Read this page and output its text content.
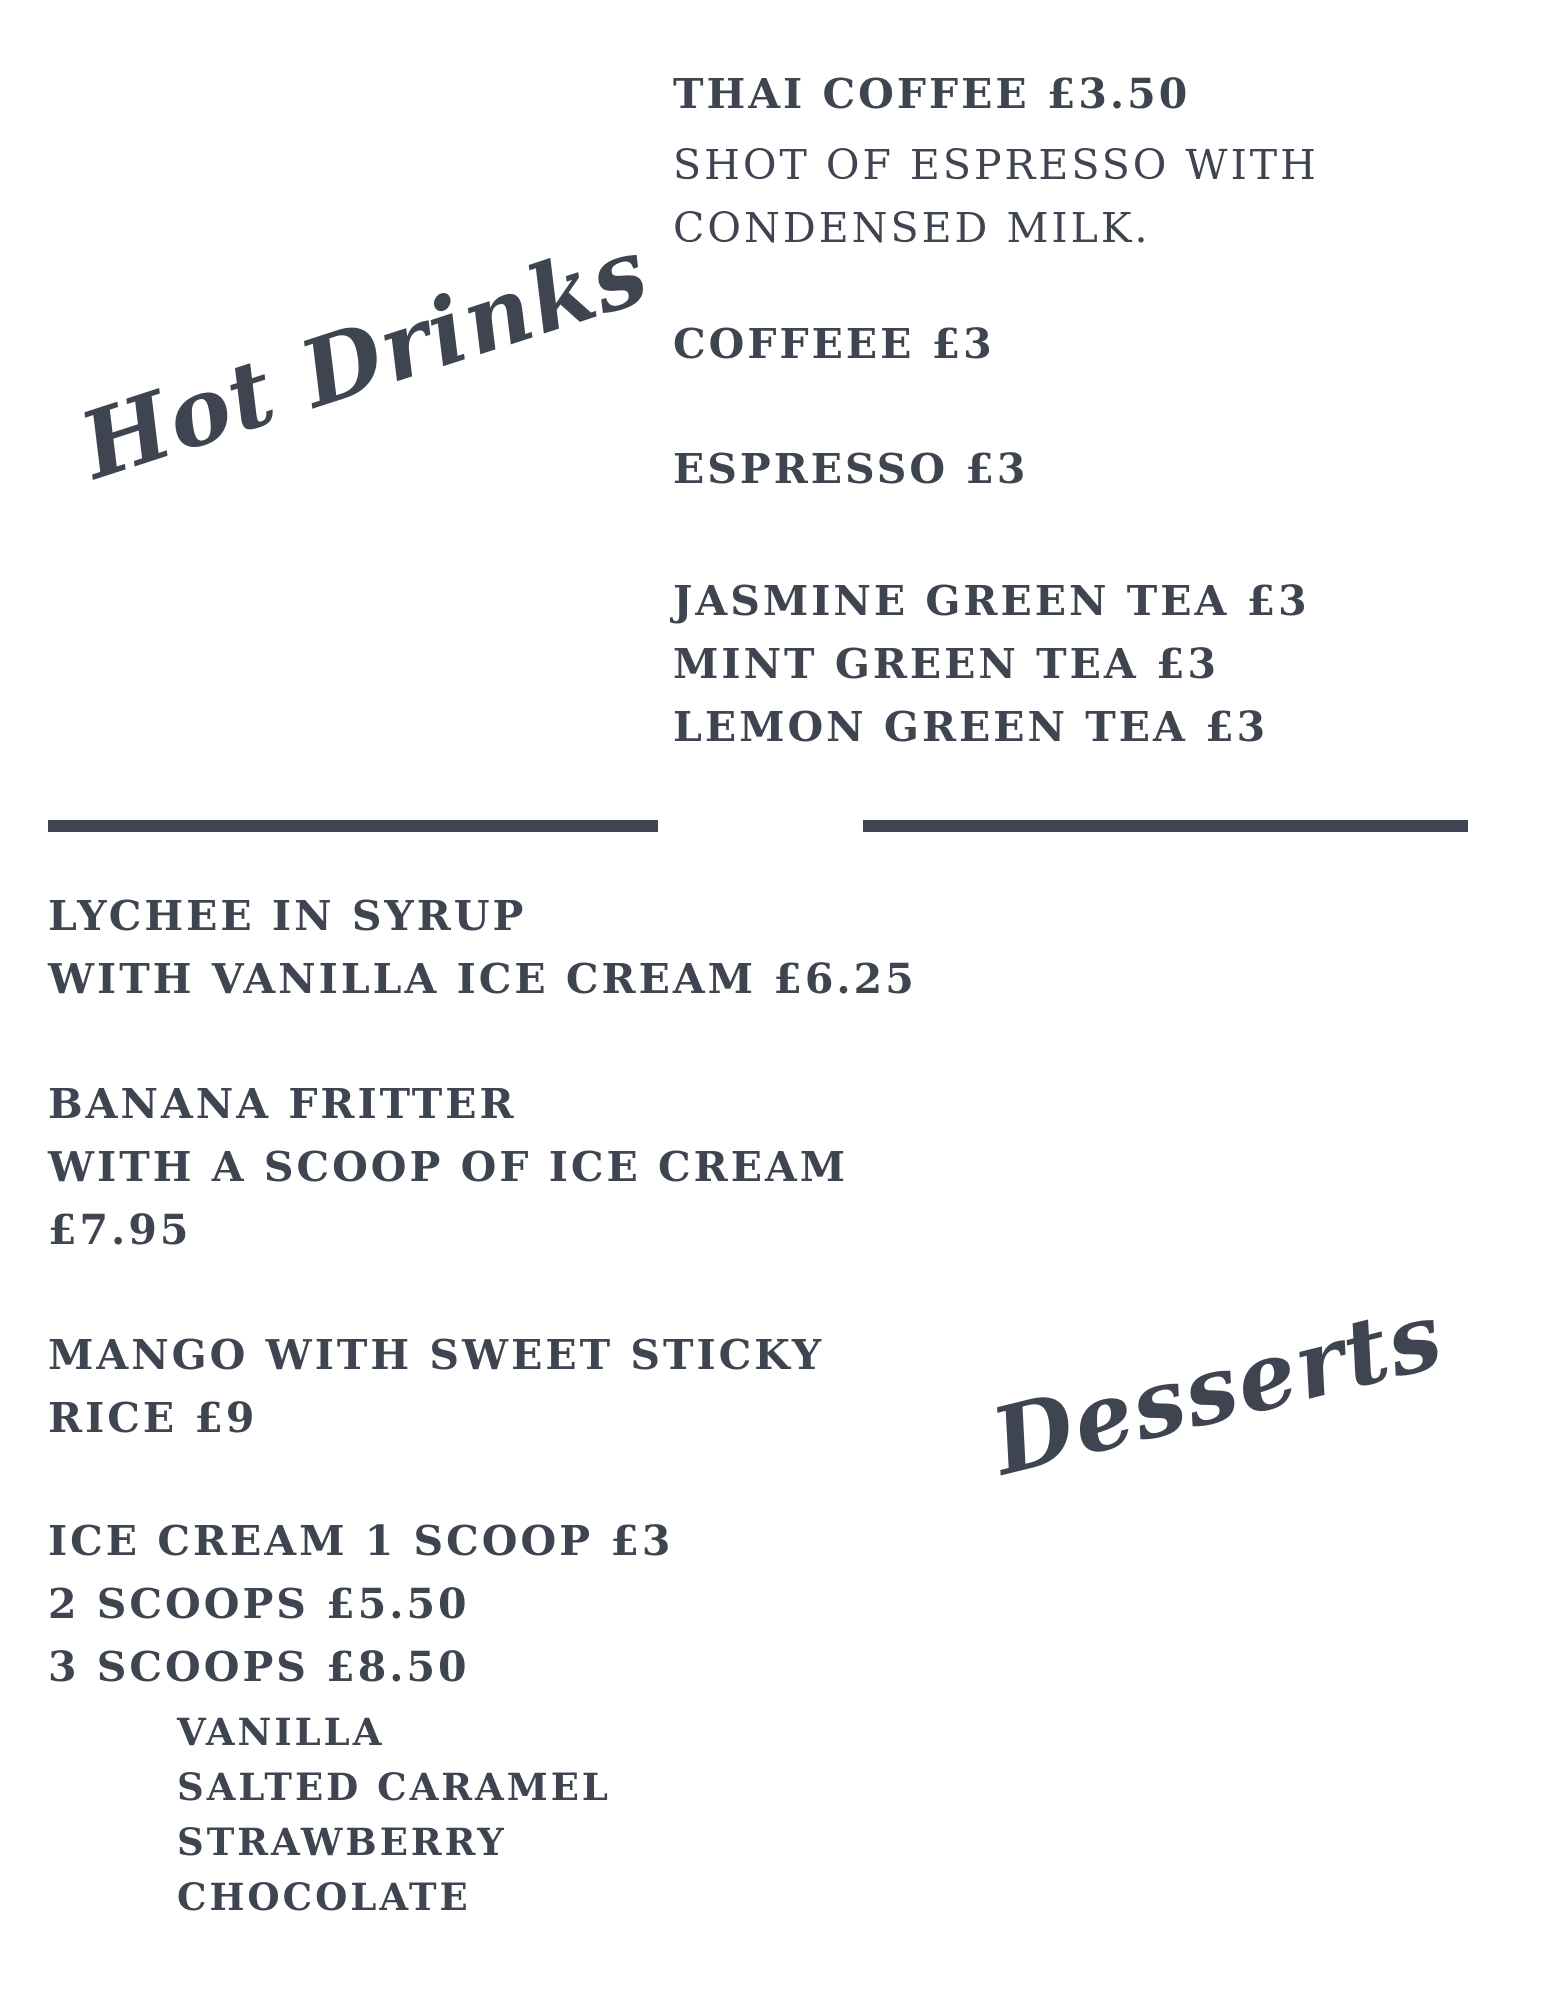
Hot Drinks
THAI COFFEE £3.50
SHOT OF ESPRESSO WITH
CONDENSED MILK.
COFFEEE £3
ESPRESSO £3
JASMINE GREEN TEA £3
MINT GREEN TEA £3
LEMON GREEN TEA £3
LYCHEE IN SYRUP
WITH VANILLA ICE CREAM £6.25
BANANA FRITTER
WITH A SCOOP OF ICE CREAM
£7.95
MANGO WITH SWEET STICKY
RICE £9
ICE CREAM 1 SCOOP £3
2 SCOOPS £5.50
3 SCOOPS £8.50
VANILLA
SALTED CARAMEL
STRAWBERRY
CHOCOLATE
Desserts
